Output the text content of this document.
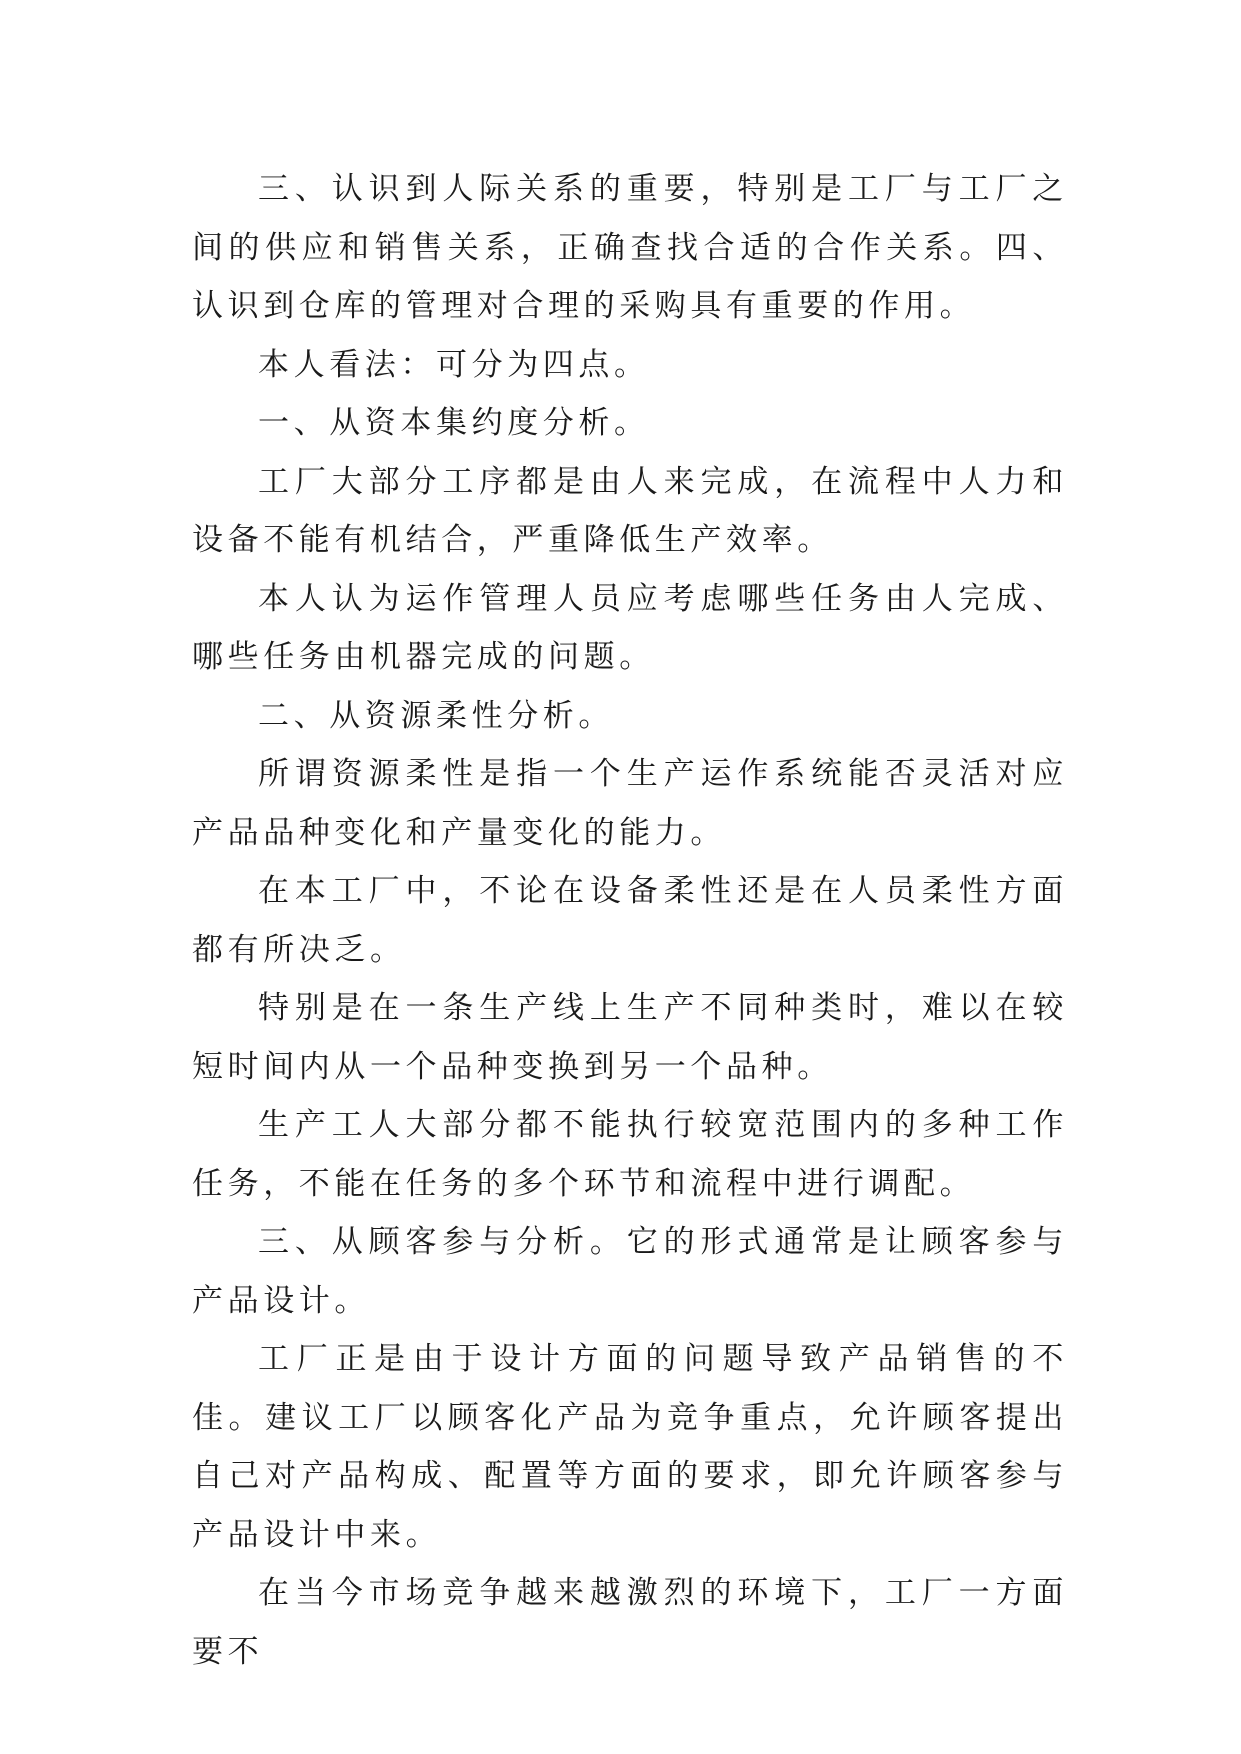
三、认识到人际关系的重要，特别是工厂与工厂之间的供应和销售关系，正确查找合适的合作关系。四、认识到仓库的管理对合理的采购具有重要的作用。

本人看法：可分为四点。

一、从资本集约度分析。

工厂大部分工序都是由人来完成，在流程中人力和设备不能有机结合，严重降低生产效率。

本人认为运作管理人员应考虑哪些任务由人完成、哪些任务由机器完成的问题。

二、从资源柔性分析。

所谓资源柔性是指一个生产运作系统能否灵活对应产品品种变化和产量变化的能力。

在本工厂中，不论在设备柔性还是在人员柔性方面都有所决乏。

特别是在一条生产线上生产不同种类时，难以在较短时间内从一个品种变换到另一个品种。

生产工人大部分都不能执行较宽范围内的多种工作任务，不能在任务的多个环节和流程中进行调配。

三、从顾客参与分析。它的形式通常是让顾客参与产品设计。

工厂正是由于设计方面的问题导致产品销售的不佳。建议工厂以顾客化产品为竞争重点，允许顾客提出自己对产品构成、配置等方面的要求，即允许顾客参与产品设计中来。

在当今市场竞争越来越激烈的环境下，工厂一方面要不
